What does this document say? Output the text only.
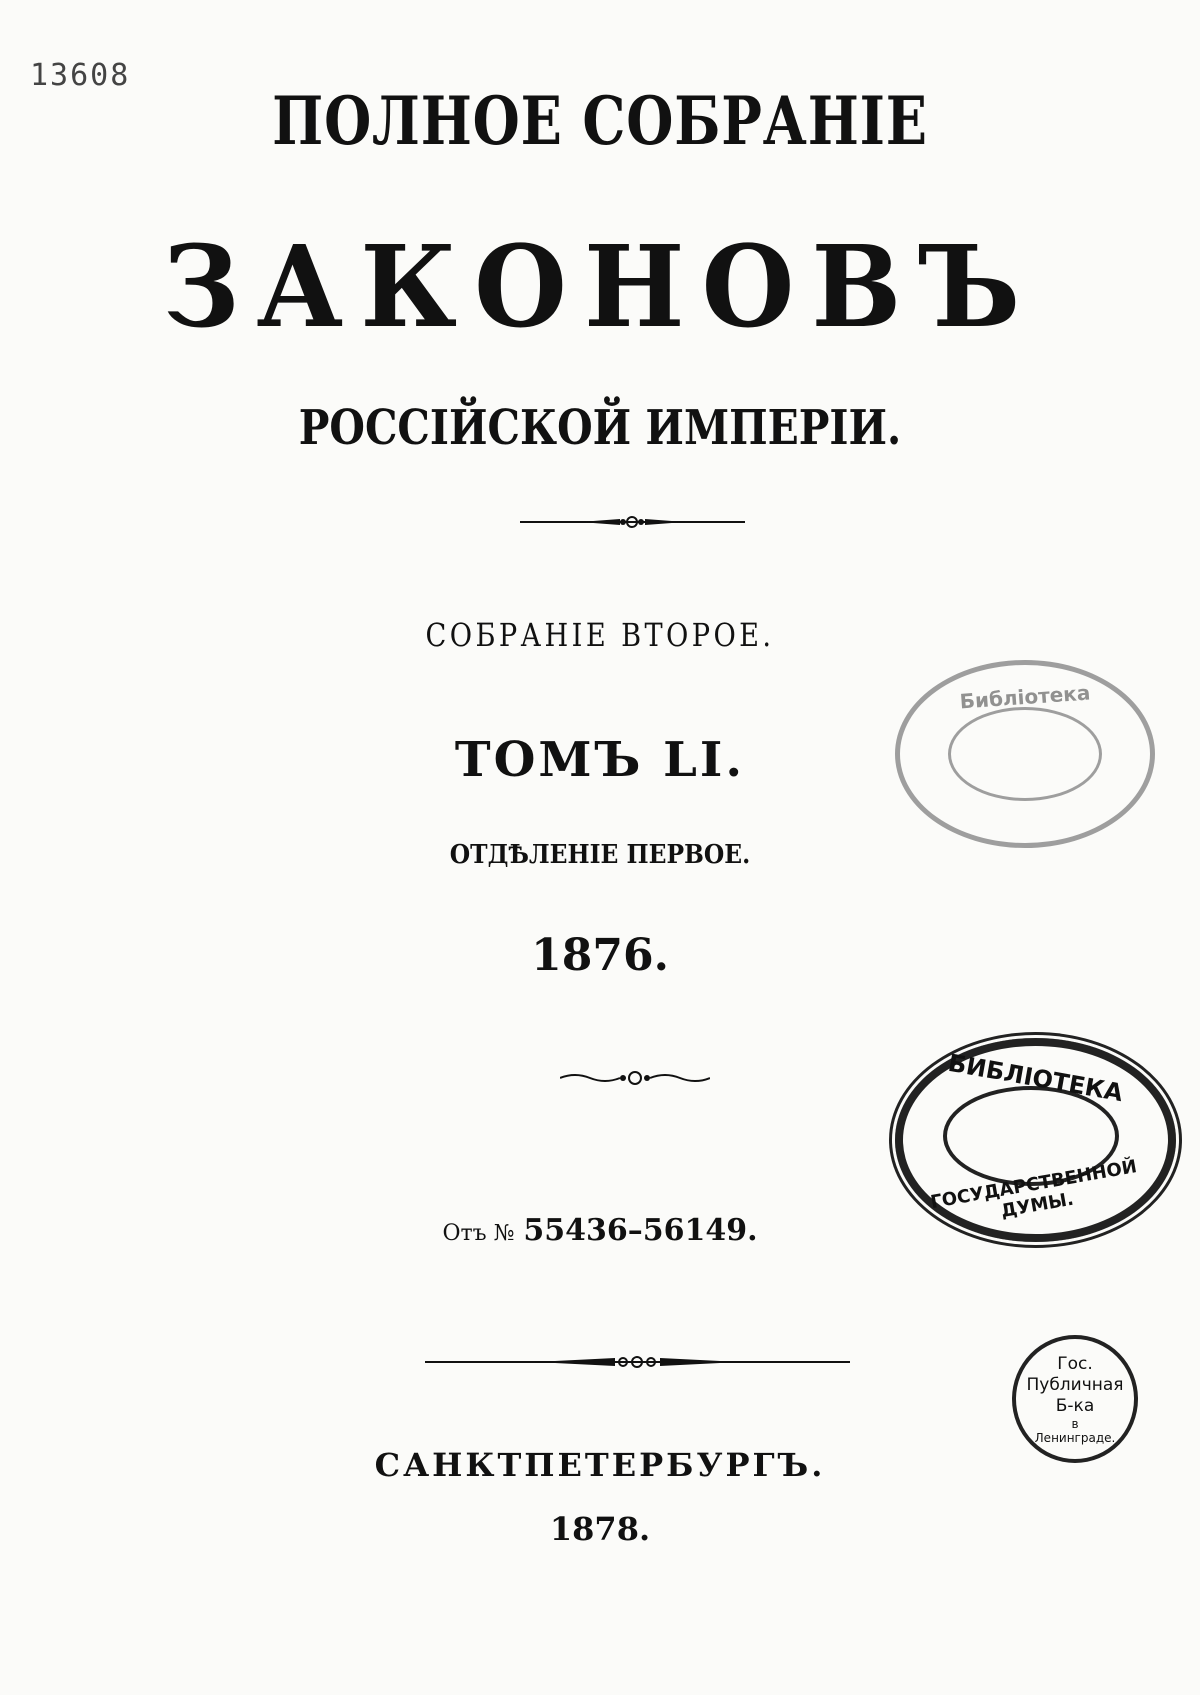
13608
ПОЛНОЕ СОБРАНІЕ
ЗАКОНОВЪ
РОССІЙСКОЙ ИМПЕРІИ.
СОБРАНІЕ ВТОРОЕ.
ТОМЪ LI.
ОТДѢЛЕНІЕ ПЕРВОЕ.
1876.
Отъ № 55436–56149.
САНКТПЕТЕРБУРГЪ.
1878.
Библіотека
БИБЛІОТЕКА
ГОСУДАРСТВЕННОЙ ДУМЫ.
Гос.
Публичная
Б-ка
в
Ленинграде.
